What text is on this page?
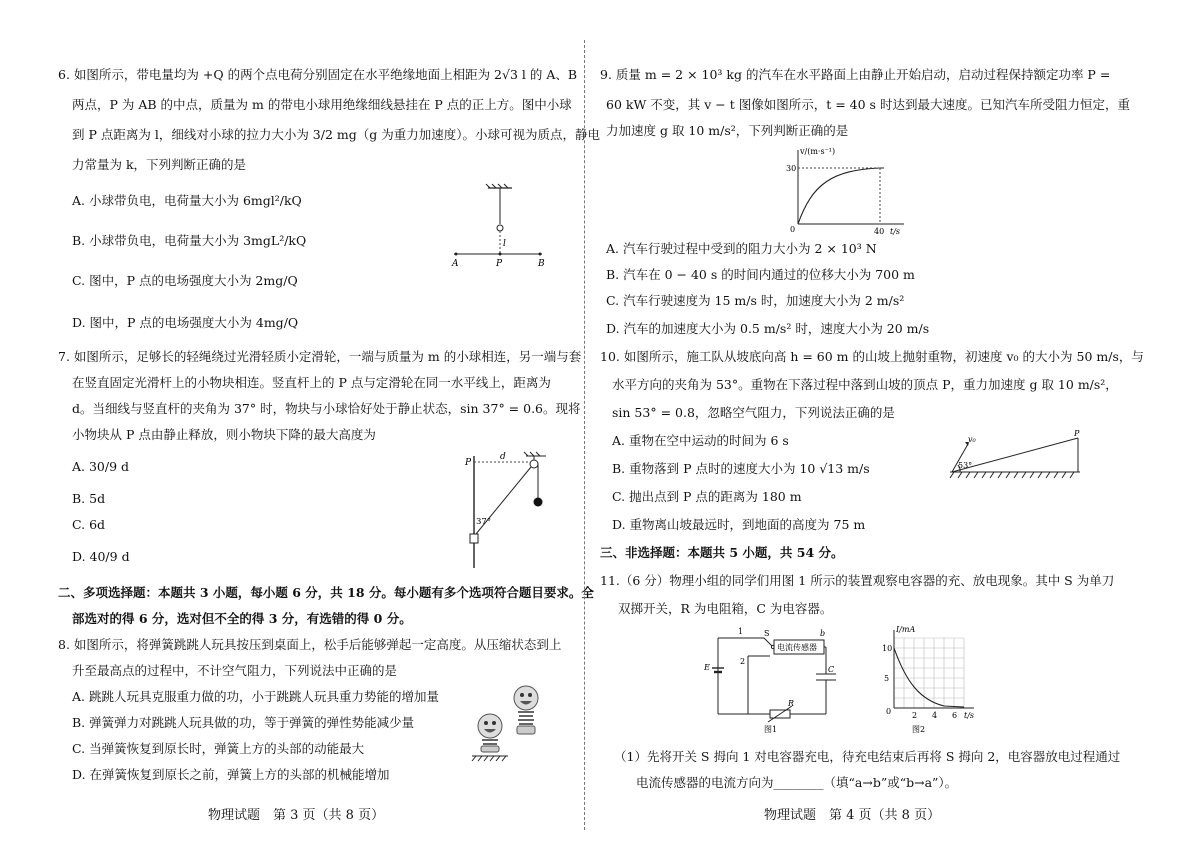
6. 如图所示，带电量均为 +Q 的两个点电荷分别固定在水平绝缘地面上相距为 2√3 l 的 A、B
两点，P 为 AB 的中点，质量为 m 的带电小球用绝缘细线悬挂在 P 点的正上方。图中小球
到 P 点距离为 l，细线对小球的拉力大小为 3/2 mg（g 为重力加速度）。小球可视为质点，静电
力常量为 k，下列判断正确的是
A. 小球带负电，电荷量大小为 6mgl²/kQ
B. 小球带负电，电荷量大小为 3mgL²/kQ
C. 图中，P 点的电场强度大小为 2mg/Q
D. 图中，P 点的电场强度大小为 4mg/Q
A	P	B
l
7. 如图所示，足够长的轻绳绕过光滑轻质小定滑轮，一端与质量为 m 的小球相连，另一端与套
在竖直固定光滑杆上的小物块相连。竖直杆上的 P 点与定滑轮在同一水平线上，距离为
d。当细线与竖直杆的夹角为 37° 时，物块与小球恰好处于静止状态，sin 37° = 0.6。现将
小物块从 P 点由静止释放，则小物块下降的最大高度为
A. 30/9 d
B. 5d
C. 6d
D. 40/9 d
P
d
37°
二、多项选择题：本题共 3 小题，每小题 6 分，共 18 分。每小题有多个选项符合题目要求。全
部选对的得 6 分，选对但不全的得 3 分，有选错的得 0 分。
8. 如图所示，将弹簧跳跳人玩具按压到桌面上，松手后能够弹起一定高度。从压缩状态到上
升至最高点的过程中，不计空气阻力，下列说法中正确的是
A. 跳跳人玩具克服重力做的功，小于跳跳人玩具重力势能的增加量
B. 弹簧弹力对跳跳人玩具做的功，等于弹簧的弹性势能减少量
C. 当弹簧恢复到原长时，弹簧上方的头部的动能最大
D. 在弹簧恢复到原长之前，弹簧上方的头部的机械能增加
物理试题　第 3 页（共 8 页）
9. 质量 m = 2 × 10³ kg 的汽车在水平路面上由静止开始启动，启动过程保持额定功率 P =
60 kW 不变，其 v − t 图像如图所示，t = 40 s 时达到最大速度。已知汽车所受阻力恒定，重
力加速度 g 取 10 m/s²，下列判断正确的是
v/(m·s⁻¹)
30
0	40 t/s
A. 汽车行驶过程中受到的阻力大小为 2 × 10³ N
B. 汽车在 0 − 40 s 的时间内通过的位移大小为 700 m
C. 汽车行驶速度为 15 m/s 时，加速度大小为 2 m/s²
D. 汽车的加速度大小为 0.5 m/s² 时，速度大小为 20 m/s
10. 如图所示，施工队从坡底向高 h = 60 m 的山坡上抛射重物，初速度 v₀ 的大小为 50 m/s，与
水平方向的夹角为 53°。重物在下落过程中落到山坡的顶点 P，重力加速度 g 取 10 m/s²，
sin 53° = 0.8，忽略空气阻力，下列说法正确的是
A. 重物在空中运动的时间为 6 s
B. 重物落到 P 点时的速度大小为 10 √13 m/s
C. 抛出点到 P 点的距离为 180 m
D. 重物离山坡最远时，到地面的高度为 75 m
v₀
53°
P
三、非选择题：本题共 5 小题，共 54 分。
11.（6 分）物理小组的同学们用图 1 所示的装置观察电容器的充、放电现象。其中 S 为单刀
双掷开关，R 为电阻箱，C 为电容器。
1	S
电流传感器
b
E
2
C
R
图1
I/mA
10
5
0	2 4 6 t/s
图2
（1）先将开关 S 拇向 1 对电容器充电，待充电结束后再将 S 拇向 2，电容器放电过程通过
电流传感器的电流方向为________（填“a→b”或“b→a”）。
物理试题　第 4 页（共 8 页）
